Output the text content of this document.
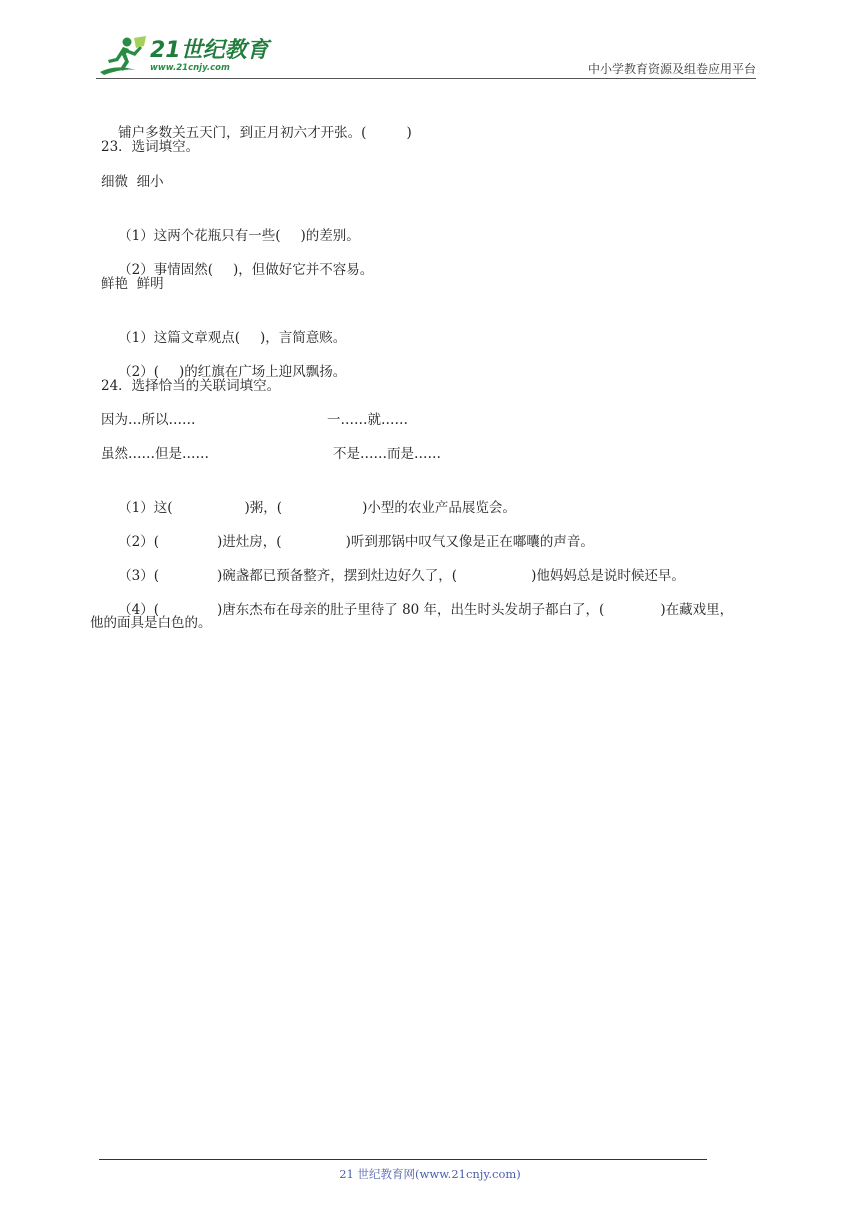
21世纪教育
www.21cnjy.com	中小学教育资源及组卷应用平台

铺户多数关五天门，到正月初六才开张。(	)

23．选词填空。
细微  细小

（1）这两个花瓶只有一些( )的差别。

（2）事情固然( )，但做好它并不容易。

鲜艳  鲜明

（1）这篇文章观点( )，言简意赅。

（2）( )的红旗在广场上迎风飘扬。

24．选择恰当的关联词填空。
因为…所以……	一……就……
虽然……但是……	不是……而是……

（1）这(	)粥，(	)小型的农业产品展览会。

（2）(	)进灶房，(	)听到那锅中叹气又像是正在嘟囔的声音。

（3）(	)碗盏都已预备整齐，摆到灶边好久了，(	)他妈妈总是说时候还早。

（4）(	)唐东杰布在母亲的肚子里待了 80 年，出生时头发胡子都白了，(	)在藏戏里，

他的面具是白色的。
21 世纪教育网(www.21cnjy.com)
